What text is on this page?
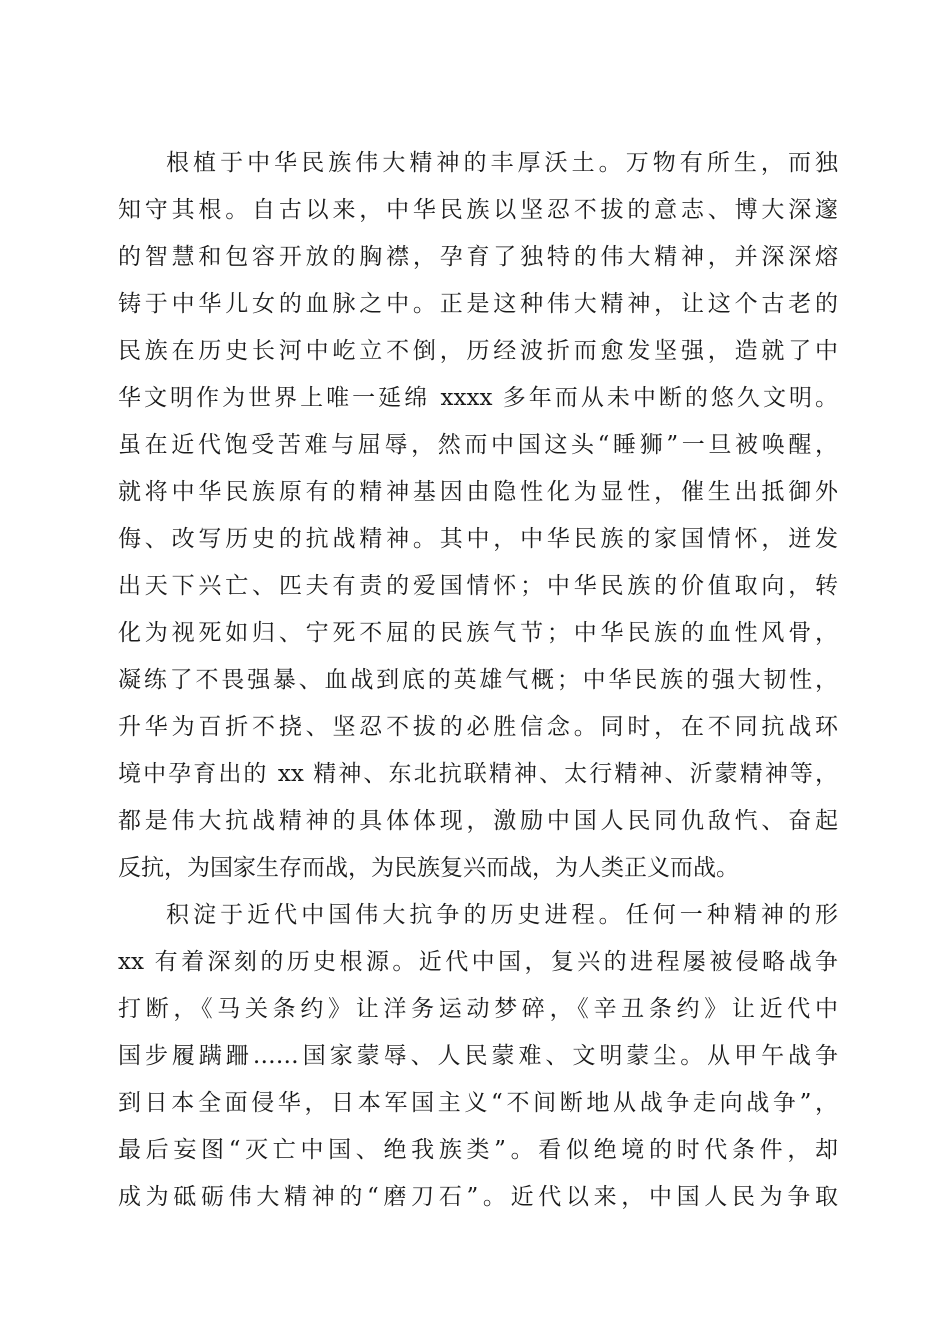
根植于中华民族伟大精神的丰厚沃土。万物有所生，而独
知守其根。自古以来，中华民族以坚忍不拔的意志、博大深邃
的智慧和包容开放的胸襟，孕育了独特的伟大精神，并深深熔
铸于中华儿女的血脉之中。正是这种伟大精神，让这个古老的
民族在历史长河中屹立不倒，历经波折而愈发坚强，造就了中
华文明作为世界上唯一延绵 xxxx 多年而从未中断的悠久文明。
虽在近代饱受苦难与屈辱，然而中国这头“睡狮”一旦被唤醒，
就将中华民族原有的精神基因由隐性化为显性，催生出抵御外
侮、改写历史的抗战精神。其中，中华民族的家国情怀，迸发
出天下兴亡、匹夫有责的爱国情怀；中华民族的价值取向，转
化为视死如归、宁死不屈的民族气节；中华民族的血性风骨，
凝练了不畏强暴、血战到底的英雄气概；中华民族的强大韧性，
升华为百折不挠、坚忍不拔的必胜信念。同时，在不同抗战环
境中孕育出的 xx 精神、东北抗联精神、太行精神、沂蒙精神等，
都是伟大抗战精神的具体体现，激励中国人民同仇敌忾、奋起
反抗，为国家生存而战，为民族复兴而战，为人类正义而战。
积淀于近代中国伟大抗争的历史进程。任何一种精神的形
xx 有着深刻的历史根源。近代中国，复兴的进程屡被侵略战争
打断，《马关条约》让洋务运动梦碎，《辛丑条约》让近代中
国步履蹒跚……国家蒙辱、人民蒙难、文明蒙尘。从甲午战争
到日本全面侵华，日本军国主义“不间断地从战争走向战争”，
最后妄图“灭亡中国、绝我族类”。看似绝境的时代条件，却
成为砥砺伟大精神的“磨刀石”。近代以来，中国人民为争取
